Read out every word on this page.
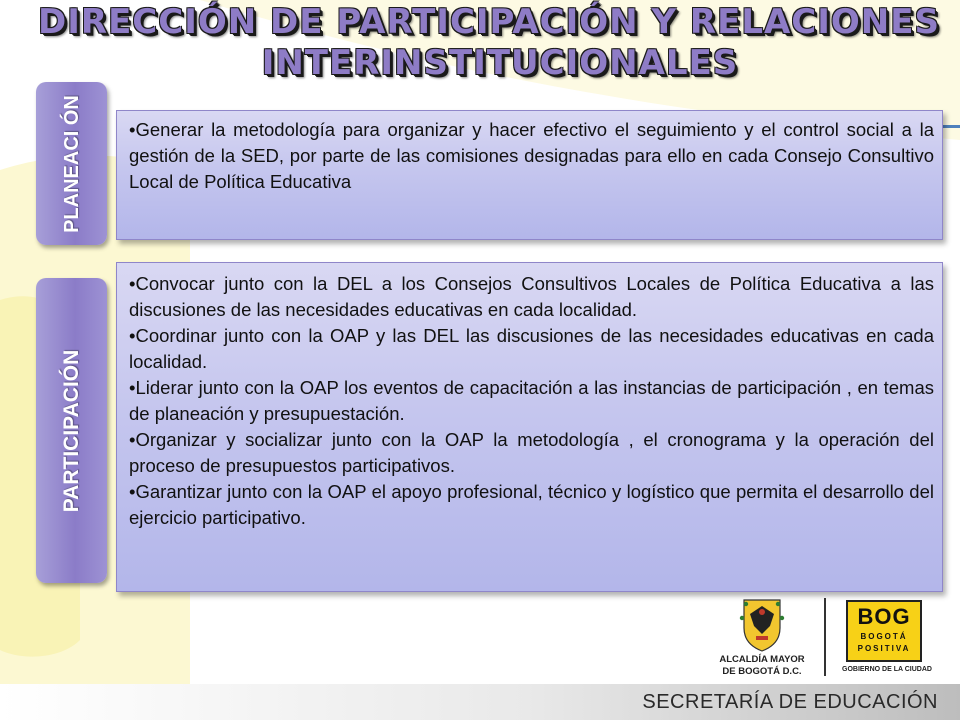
DIRECCIÓN DE PARTICIPACIÓN Y RELACIONES
INTERINSTITUCIONALES
PLANEACI ÓN	•Generar la metodología para organizar y hacer efectivo el seguimiento y el control social a la gestión de la SED, por parte de las comisiones designadas para ello en cada Consejo Consultivo Local de Política Educativa

PARTICIPACIÓN

•Convocar junto con la DEL a los Consejos Consultivos Locales de Política Educativa a las discusiones de las necesidades educativas en cada localidad.

•Coordinar junto con la OAP y las DEL las discusiones de las necesidades educativas en cada localidad.

•Liderar junto con la OAP los eventos de capacitación a las instancias de participación , en temas de planeación y presupuestación.

•Organizar y socializar junto con la OAP la metodología , el cronograma y la operación del proceso de presupuestos participativos.

•Garantizar junto con la OAP el apoyo profesional, técnico y logístico que permita el desarrollo del ejercicio participativo.

ALCALDÍA MAYOR
DE BOGOTÁ D.C.
BOG
BOGOTÁ
POSITIVA
GOBIERNO DE LA CIUDAD
SECRETARÍA DE EDUCACIÓN
